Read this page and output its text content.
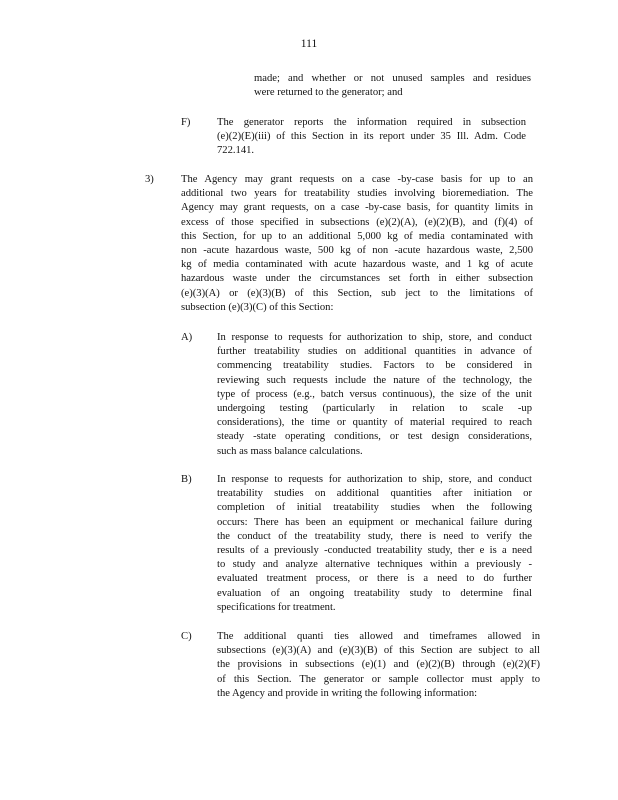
111
made; and whether or not unused samples and residues
were returned to the generator; and
F)	The generator reports the information required in subsection
(e)(2)(E)(iii) of this Section in its report under 35 Ill. Adm. Code
722.141.
3)	The Agency may grant requests on a case -by-case basis for up to an
additional two years for treatability studies involving bioremediation. The
Agency may grant requests, on a case -by-case basis, for quantity limits in
excess of those specified in subsections (e)(2)(A), (e)(2)(B), and (f)(4) of
this Section, for up to an additional 5,000 kg of media contaminated with
non -acute hazardous waste, 500 kg of non -acute hazardous waste, 2,500
kg of media contaminated with acute hazardous waste, and 1 kg of acute
hazardous waste under the circumstances set forth in either subsection
(e)(3)(A) or (e)(3)(B) of this Section, sub ject to the limitations of
subsection (e)(3)(C) of this Section:
A) In response to requests for authorization to ship, store, and conduct
further treatability studies on additional quantities in advance of
commencing treatability studies. Factors to be considered in
reviewing such requests include the nature of the technology, the
type of process (e.g., batch versus continuous), the size of the unit
undergoing testing (particularly in relation to scale -up
considerations), the time or quantity of material required to reach
steady -state operating conditions, or test design considerations,
such as mass balance calculations.
B) In response to requests for authorization to ship, store, and conduct
treatability studies on additional quantities after initiation or
completion of initial treatability studies when the following
occurs: There has been an equipment or mechanical failure during
the conduct of the treatability study, there is need to verify the
results of a previously -conducted treatability study, ther e is a need
to study and analyze alternative techniques within a previously -
evaluated treatment process, or there is a need to do further
evaluation of an ongoing treatability study to determine final
specifications for treatment.
C) The additional quanti ties allowed and timeframes allowed in
subsections (e)(3)(A) and (e)(3)(B) of this Section are subject to all
the provisions in subsections (e)(1) and (e)(2)(B) through (e)(2)(F)
of this Section. The generator or sample collector must apply to
the Agency and provide in writing the following information:
